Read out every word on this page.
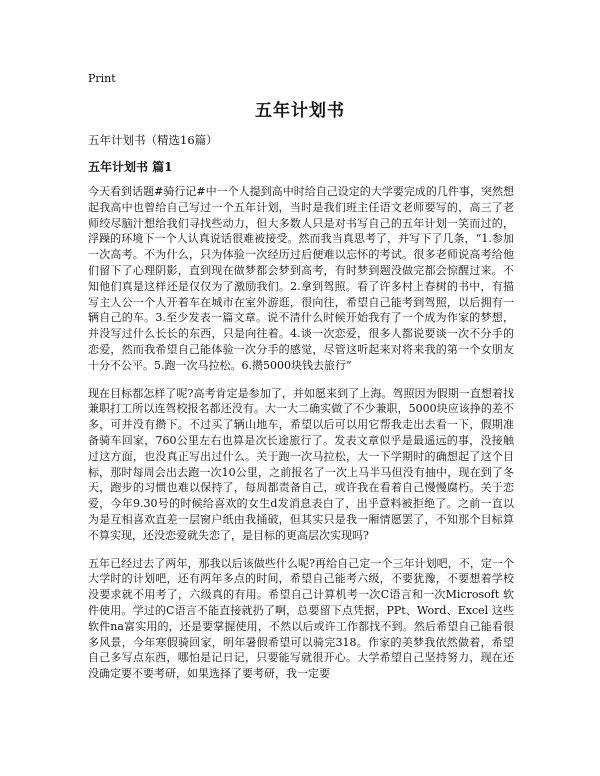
Print
五年计划书
五年计划书（精选16篇）
五年计划书 篇1

今天看到话题#骑行记#中一个人提到高中时给自己设定的大学要完成的几件事，突然想起我高中也曾给自己写过一个五年计划，当时是我们班主任语文老师要写的，高三了老师绞尽脑汁想给我们寻找些动力，但大多数人只是对书写自己的五年计划一笑而过的，浮躁的环境下一个人认真说话很难被接受。然而我当真思考了，并写下了几条，“1.参加一次高考。不为什么，只为体验一次经历过后便难以忘怀的考试。很多老师说高考给他们留下了心理阴影，直到现在做梦都会梦到高考，有时梦到题没做完都会惊醒过来。不知他们真是这样还是仅仅为了激励我们。2.拿到驾照。看了许多村上春树的书中，有描写主人公一个人开着车在城市在室外游逛，很向往，希望自己能考到驾照，以后拥有一辆自己的车。3.至少发表一篇文章。说不清什么时候开始我有了一个成为作家的梦想，并没写过什么长长的东西，只是向往着。4.谈一次恋爱，很多人都说要谈一次不分手的恋爱，然而我希望自己能体验一次分手的感觉，尽管这听起来对将来我的第一个女朋友十分不公平。5.跑一次马拉松。6.攒5000块钱去旅行”

现在目标都怎样了呢?高考肯定是参加了，并如愿来到了上海。驾照因为假期一直想着找兼职打工所以连驾校报名都还没有。大一大二确实做了不少兼职，5000块应该挣的差不多，可并没有攒下。不过买了辆山地车，希望以后可以用它帮我走出去看一下，假期准备骑车回家，760公里左右也算是次长途旅行了。发表文章似乎是最遥远的事，没接触过这方面，也没真正写出过什么。关于跑一次马拉松，大一下学期时的确想起了这个目标，那时每周会出去跑一次10公里，之前报名了一次上马半马但没有抽中，现在到了冬天，跑步的习惯也难以保持了，每周都责备自己，或许我在看着自己慢慢腐朽。关于恋爱，今年9.30号的时候给喜欢的女生d发消息表白了，出乎意料被拒绝了。之前一直以为是互相喜欢直差一层窗户纸由我捅破，但其实只是我一厢情愿罢了，不知那个目标算不算实现，还没恋爱就失恋了，是目标的更高层次实现吗?

五年已经过去了两年，那我以后该做些什么呢?再给自己定一个三年计划吧，不，定一个大学时的计划吧，还有两年多点的时间，希望自己能考六级，不要犹豫，不要想着学校没要求就不用考了，六级真的有用。希望自己计算机考一次C语言和一次Microsoft 软件使用。学过的C语言不能直接就扔了啊，总要留下点凭据，PPt、Word、Excel 这些软件na富实用的，还是要掌握使用，不然以后或许工作都找不到。然后希望自己能看很多风景，今年寒假骑回家，明年暑假希望可以骑完318。作家的美梦我依然做着，希望自己多写点东西，哪怕是记日记，只要能写就很开心。大学希望自己坚持努力，现在还没确定要不要考研，如果选择了要考研，我一定要
